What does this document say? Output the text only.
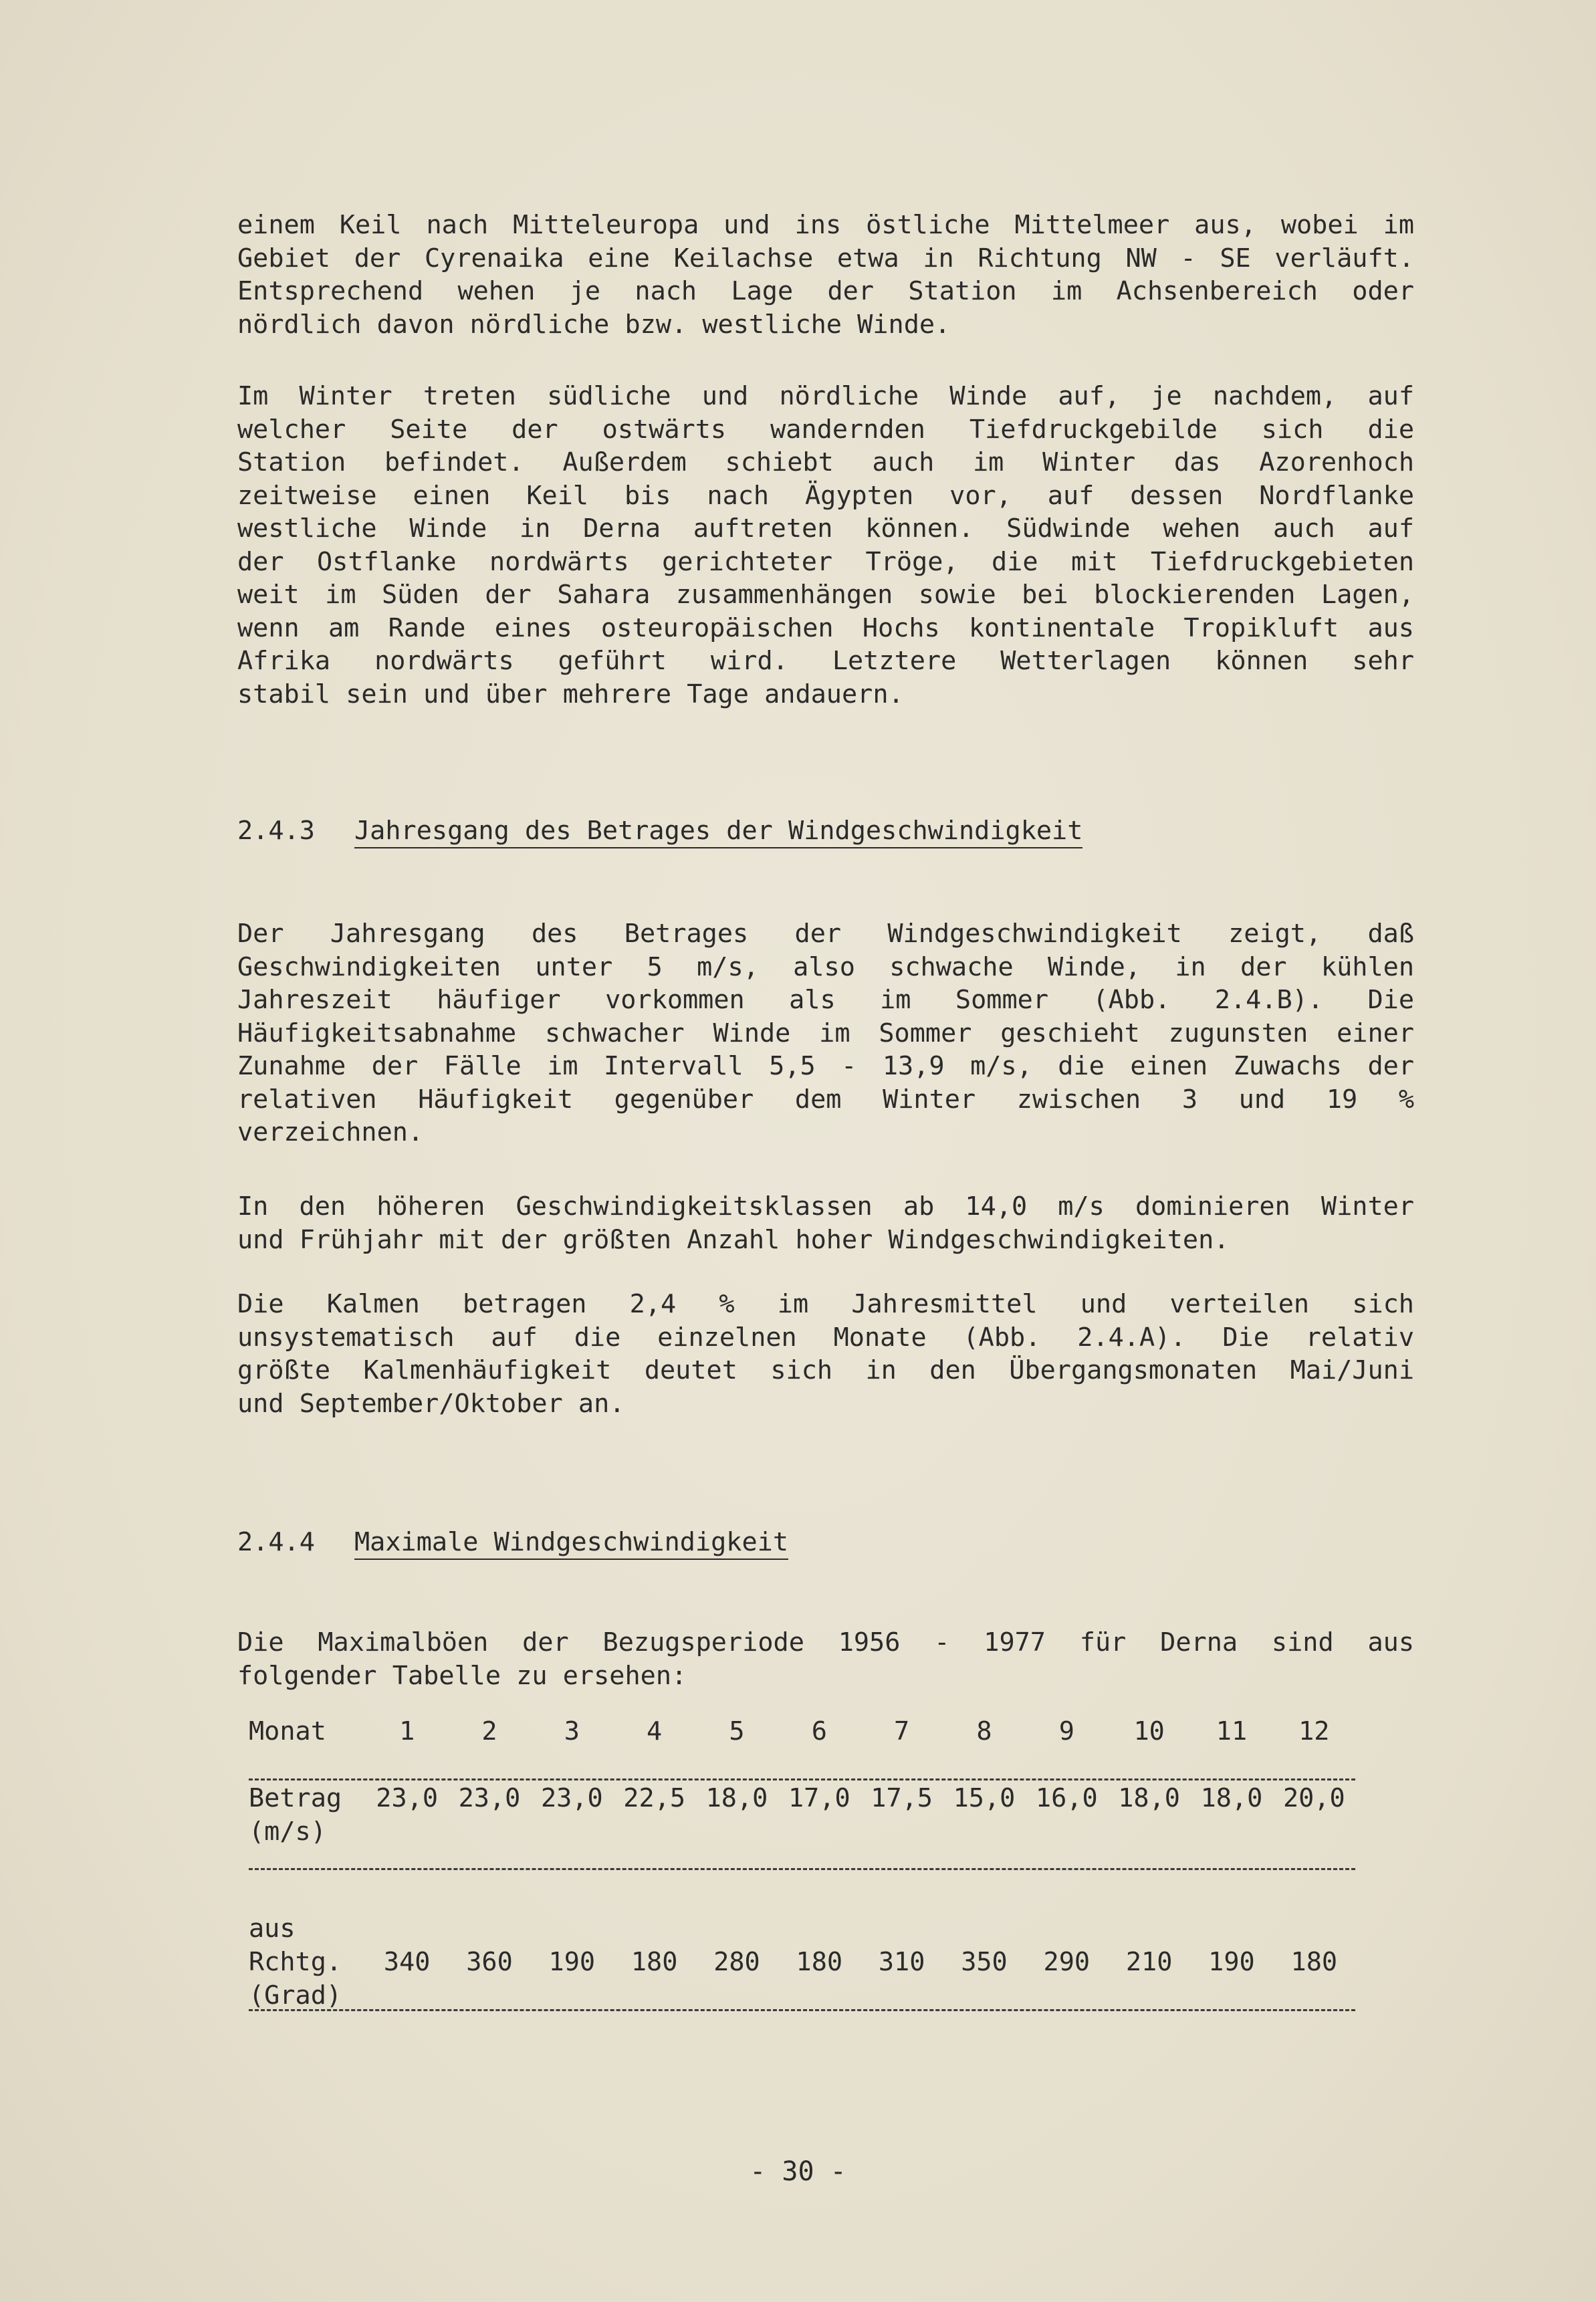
einem Keil nach Mitteleuropa und ins östliche Mittelmeer aus, wobei im
Gebiet der Cyrenaika eine Keilachse etwa in Richtung NW - SE verläuft.
Entsprechend wehen je nach Lage der Station im Achsenbereich oder
nördlich davon nördliche bzw. westliche Winde.
Im Winter treten südliche und nördliche Winde auf, je nachdem, auf
welcher Seite der ostwärts wandernden Tiefdruckgebilde sich die
Station befindet. Außerdem schiebt auch im Winter das Azorenhoch
zeitweise einen Keil bis nach Ägypten vor, auf dessen Nordflanke
westliche Winde in Derna auftreten können. Südwinde wehen auch auf
der Ostflanke nordwärts gerichteter Tröge, die mit Tiefdruckgebieten
weit im Süden der Sahara zusammenhängen sowie bei blockierenden Lagen,
wenn am Rande eines osteuropäischen Hochs kontinentale Tropikluft aus
Afrika nordwärts geführt wird. Letztere Wetterlagen können sehr
stabil sein und über mehrere Tage andauern.
2.4.3 Jahresgang des Betrages der Windgeschwindigkeit
Der Jahresgang des Betrages der Windgeschwindigkeit zeigt, daß
Geschwindigkeiten unter 5 m/s, also schwache Winde, in der kühlen
Jahreszeit häufiger vorkommen als im Sommer (Abb. 2.4.B). Die
Häufigkeitsabnahme schwacher Winde im Sommer geschieht zugunsten einer
Zunahme der Fälle im Intervall 5,5 - 13,9 m/s, die einen Zuwachs der
relativen Häufigkeit gegenüber dem Winter zwischen 3 und 19 %
verzeichnen.
In den höheren Geschwindigkeitsklassen ab 14,0 m/s dominieren Winter
und Frühjahr mit der größten Anzahl hoher Windgeschwindigkeiten.
Die Kalmen betragen 2,4 % im Jahresmittel und verteilen sich
unsystematisch auf die einzelnen Monate (Abb. 2.4.A). Die relativ
größte Kalmenhäufigkeit deutet sich in den Übergangsmonaten Mai/Juni
und September/Oktober an.
2.4.4 Maximale Windgeschwindigkeit
Die Maximalböen der Bezugsperiode 1956 - 1977 für Derna sind aus
folgender Tabelle zu ersehen:
Monat	1	2	3	4	5	6	7	8	9	10	11	12

Betrag	23,0	23,0	23,0	22,5	18,0	17,0	17,5	15,0	16,0	18,0	18,0	20,0
(m/s)												

aus												
Rchtg.	340	360	190	180	280	180	310	350	290	210	190	180
(Grad)												
- 30 -
